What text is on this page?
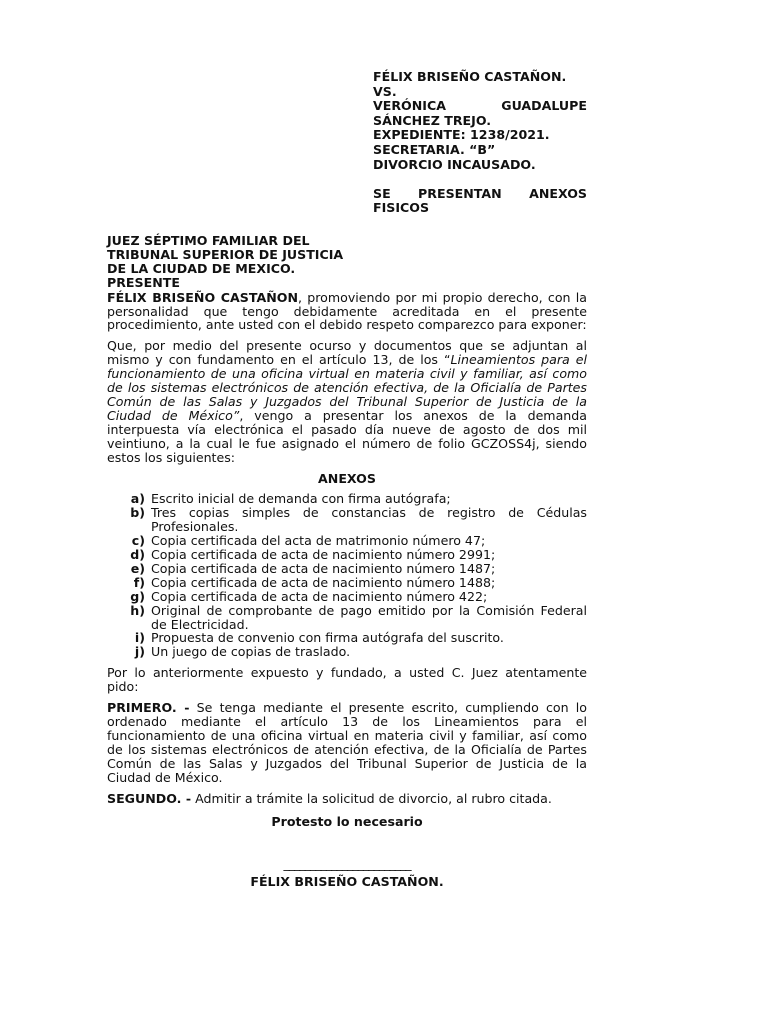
FÉLIX BRISEÑO CASTAÑON.
VS.
VERÓNICA GUADALUPE
SÁNCHEZ TREJO.
EXPEDIENTE: 1238/2021.
SECRETARIA. “B”
DIVORCIO INCAUSADO.
SE PRESENTAN ANEXOS
FISICOS
JUEZ SÉPTIMO FAMILIAR DEL
TRIBUNAL SUPERIOR DE JUSTICIA
DE LA CIUDAD DE MEXICO.
PRESENTE

FÉLIX BRISEÑO CASTAÑON, promoviendo por mi propio derecho, con la personalidad que tengo debidamente acreditada en el presente procedimiento, ante usted con el debido respeto comparezco para exponer:

Que, por medio del presente ocurso y documentos que se adjuntan al mismo y con fundamento en el artículo 13, de los “Lineamientos para el funcionamiento de una oficina virtual en materia civil y familiar, así como de los sistemas electrónicos de atención efectiva, de la Oficialía de Partes Común de las Salas y Juzgados del Tribunal Superior de Justicia de la Ciudad de México”, vengo a presentar los anexos de la demanda interpuesta vía electrónica el pasado día nueve de agosto de dos mil veintiuno, a la cual le fue asignado el número de folio GCZOSS4j, siendo estos los siguientes:

ANEXOS
a) Escrito inicial de demanda con firma autógrafa;
b) Tres copias simples de constancias de registro de Cédulas Profesionales.
c) Copia certificada del acta de matrimonio número 47;
d) Copia certificada de acta de nacimiento número 2991;
e) Copia certificada de acta de nacimiento número 1487;
f) Copia certificada de acta de nacimiento número 1488;
g) Copia certificada de acta de nacimiento número 422;
h) Original de comprobante de pago emitido por la Comisión Federal de Electricidad.
i) Propuesta de convenio con firma autógrafa del suscrito.
j) Un juego de copias de traslado.

Por lo anteriormente expuesto y fundado, a usted C. Juez atentamente pido:

PRIMERO. - Se tenga mediante el presente escrito, cumpliendo con lo ordenado mediante el artículo 13 de los Lineamientos para el funcionamiento de una oficina virtual en materia civil y familiar, así como de los sistemas electrónicos de atención efectiva, de la Oficialía de Partes Común de las Salas y Juzgados del Tribunal Superior de Justicia de la Ciudad de México.

SEGUNDO. - Admitir a trámite la solicitud de divorcio, al rubro citada.

Protesto lo necesario
________________________
FÉLIX BRISEÑO CASTAÑON.
